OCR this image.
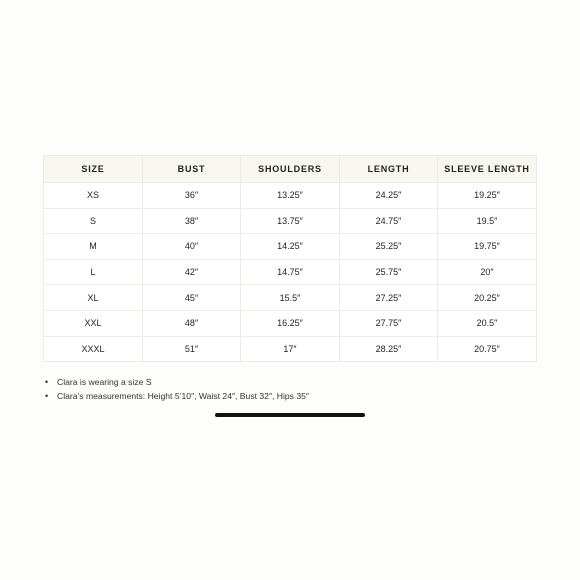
SIZE	BUST	SHOULDERS	LENGTH	SLEEVE LENGTH
XS	36″	13.25″	24.25″	19.25″
S	38″	13.75″	24.75″	19.5″
M	40″	14.25″	25.25″	19.75″
L	42″	14.75″	25.75″	20″
XL	45″	15.5″	27.25″	20.25″
XXL	48″	16.25″	27.75″	20.5″
XXXL	51″	17″	28.25″	20.75″
• Clara is wearing a size S
• Clara’s measurements: Height 5’10″, Waist 24″, Bust 32″, Hips 35″
